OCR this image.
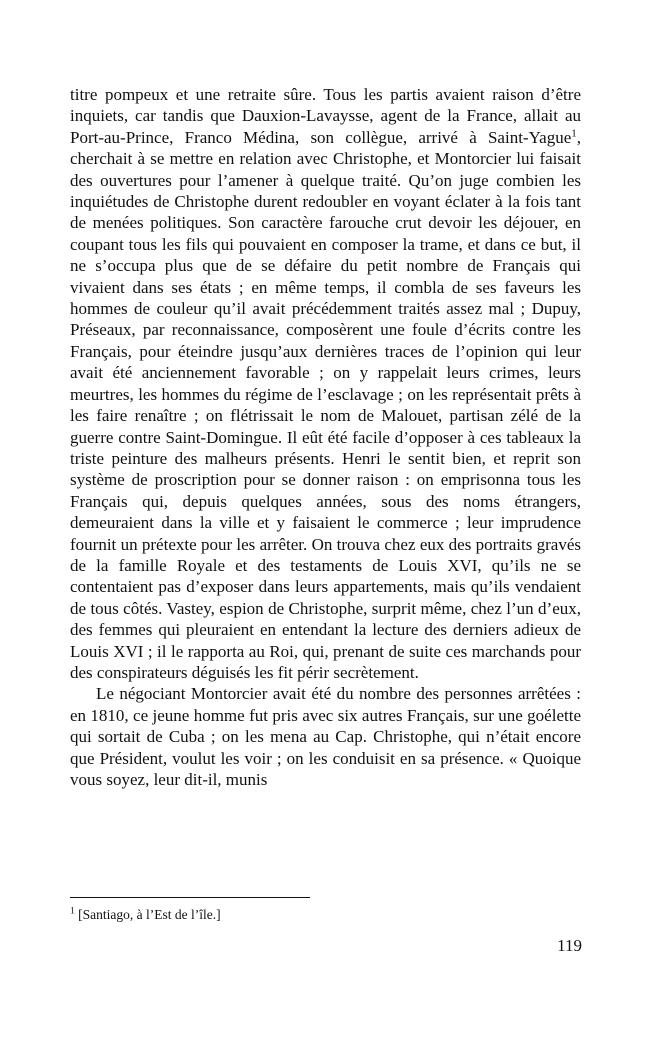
titre pompeux et une retraite sûre. Tous les partis avaient raison d’être inquiets, car tandis que Dauxion-Lavaysse, agent de la France, allait au Port-au-Prince, Franco Médina, son collègue, arrivé à Saint-Yague$^1$, cherchait à se mettre en relation avec Christophe, et Montorcier lui faisait des ouvertures pour l’amener à quelque traité. Qu’on juge combien les inquiétudes de Christophe durent redoubler en voyant éclater à la fois tant de menées politiques. Son caractère farouche crut devoir les déjouer, en coupant tous les fils qui pouvaient en composer la trame, et dans ce but, il ne s’occupa plus que de se défaire du petit nombre de Français qui vivaient dans ses états ; en même temps, il combla de ses faveurs les hommes de couleur qu’il avait précédemment traités assez mal ; Dupuy, Préseaux, par reconnaissance, composèrent une foule d’écrits contre les Français, pour éteindre jusqu’aux dernières traces de l’opinion qui leur avait été anciennement favorable ; on y rappelait leurs crimes, leurs meurtres, les hommes du régime de l’esclavage ; on les représentait prêts à les faire renaître ; on flétrissait le nom de Malouet, partisan zélé de la guerre contre Saint-Domingue. Il eût été facile d’opposer à ces tableaux la triste peinture des malheurs présents. Henri le sentit bien, et reprit son système de proscription pour se donner raison : on emprisonna tous les Français qui, depuis quelques années, sous des noms étrangers, demeuraient dans la ville et y faisaient le commerce ; leur imprudence fournit un prétexte pour les arrêter. On trouva chez eux des portraits gravés de la famille Royale et des testaments de Louis XVI, qu’ils ne se contentaient pas d’exposer dans leurs appartements, mais qu’ils vendaient de tous côtés. Vastey, espion de Christophe, surprit même, chez l’un d’eux, des femmes qui pleuraient en entendant la lecture des derniers adieux de Louis XVI ; il le rapporta au Roi, qui, prenant de suite ces marchands pour des conspirateurs déguisés les fit périr secrètement.

Le négociant Montorcier avait été du nombre des personnes arrêtées : en 1810, ce jeune homme fut pris avec six autres Français, sur une goélette qui sortait de Cuba ; on les mena au Cap. Christophe, qui n’était encore que Président, voulut les voir ; on les conduisit en sa présence. « Quoique vous soyez, leur dit-il, munis

$^1$ [Santiago, à l’Est de l’île.]
119
